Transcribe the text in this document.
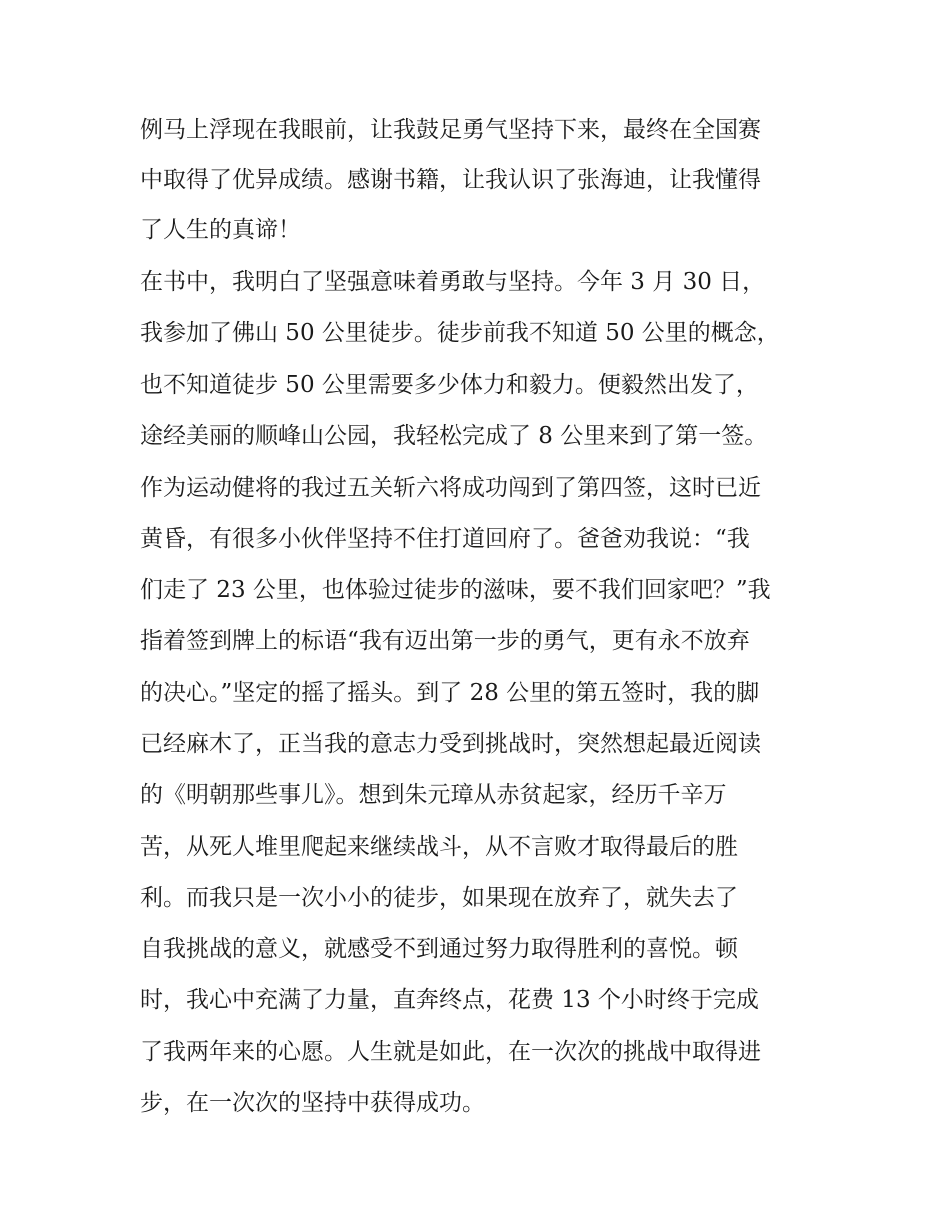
例马上浮现在我眼前，让我鼓足勇气坚持下来，最终在全国赛
中取得了优异成绩。感谢书籍，让我认识了张海迪，让我懂得
了人生的真谛！
在书中，我明白了坚强意味着勇敢与坚持。今年 3 月 30 日，
我参加了佛山 50 公里徒步。徒步前我不知道 50 公里的概念，
也不知道徒步 50 公里需要多少体力和毅力。便毅然出发了，
途经美丽的顺峰山公园，我轻松完成了 8 公里来到了第一签。
作为运动健将的我过五关斩六将成功闯到了第四签，这时已近
黄昏，有很多小伙伴坚持不住打道回府了。爸爸劝我说：“我
们走了 23 公里，也体验过徒步的滋味，要不我们回家吧？”我
指着签到牌上的标语“我有迈出第一步的勇气，更有永不放弃
的决心。”坚定的摇了摇头。到了 28 公里的第五签时，我的脚
已经麻木了，正当我的意志力受到挑战时，突然想起最近阅读
的《明朝那些事儿》。想到朱元璋从赤贫起家，经历千辛万
苦，从死人堆里爬起来继续战斗，从不言败才取得最后的胜
利。而我只是一次小小的徒步，如果现在放弃了，就失去了
自我挑战的意义，就感受不到通过努力取得胜利的喜悦。顿
时，我心中充满了力量，直奔终点，花费 13 个小时终于完成
了我两年来的心愿。人生就是如此，在一次次的挑战中取得进
步，在一次次的坚持中获得成功。
